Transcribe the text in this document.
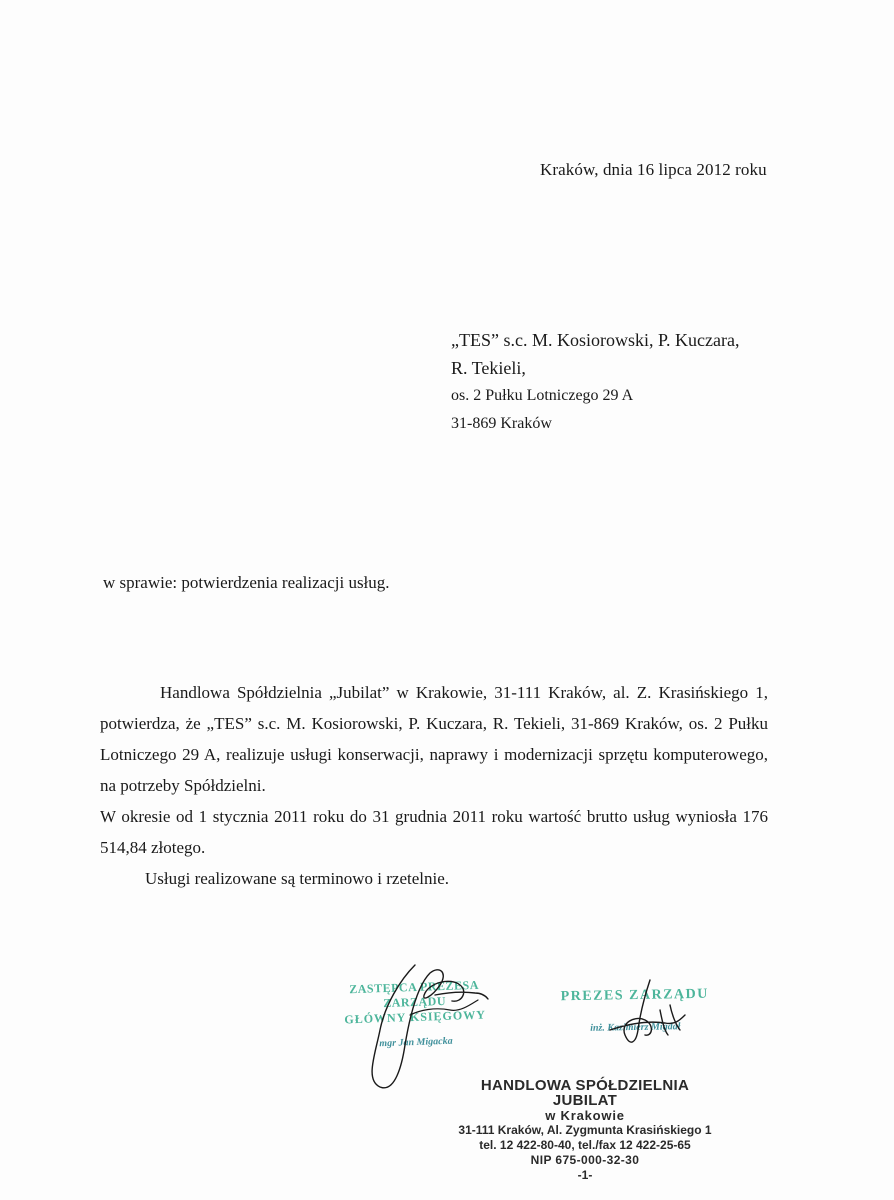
Kraków, dnia 16 lipca 2012 roku
„TES” s.c. M. Kosiorowski, P. Kuczara,
R. Tekieli,
os. 2 Pułku Lotniczego 29 A
31-869 Kraków
w sprawie: potwierdzenia realizacji usług.
Handlowa Spółdzielnia „Jubilat” w Krakowie, 31-111 Kraków, al. Z. Krasińskiego 1, potwierdza, że „TES” s.c. M. Kosiorowski, P. Kuczara, R. Tekieli, 31-869 Kraków, os. 2 Pułku Lotniczego 29 A, realizuje usługi konserwacji, naprawy i modernizacji sprzętu komputerowego, na potrzeby Spółdzielni.
W okresie od 1 stycznia 2011 roku do 31 grudnia 2011 roku wartość brutto usług wyniosła 176 514,84 złotego.
Usługi realizowane są terminowo i rzetelnie.
ZASTĘPCA PREZESA ZARZĄDU
GŁÓWNY KSIĘGOWY
mgr Jan Migacka
PREZES ZARZĄDU
inż. Kazimierz Migdał
HANDLOWA SPÓŁDZIELNIA JUBILAT
w Krakowie
31-111 Kraków, Al. Zygmunta Krasińskiego 1
tel. 12 422-80-40, tel./fax 12 422-25-65
NIP 675-000-32-30
-1-
